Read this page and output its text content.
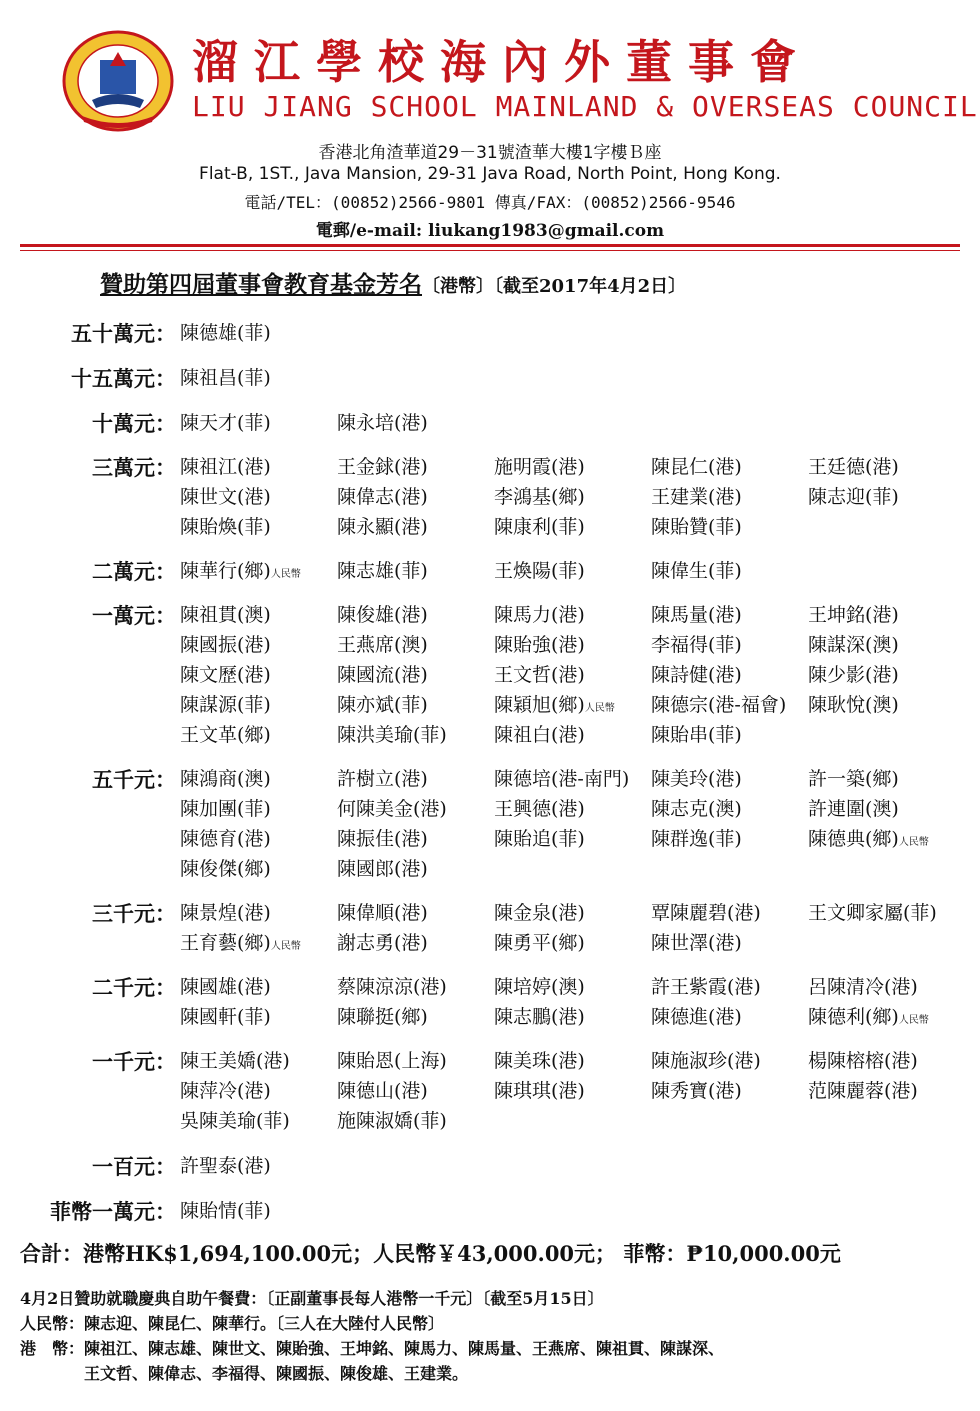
溜江學校海內外董事會
LIU JIANG SCHOOL MAINLAND & OVERSEAS COUNCIL
香港北角渣華道29－31號渣華大樓1字樓Ｂ座
Flat-B, 1ST., Java Mansion, 29-31 Java Road, North Point, Hong Kong.
電話/TEL：(00852)2566-9801 傳真/FAX：(00852)2566-9546
電郵/e-mail: liukang1983@gmail.com
贊助第四屆董事會教育基金芳名〔港幣〕〔截至2017年4月2日〕
五十萬元： 陳德雄(菲)
十五萬元： 陳祖昌(菲)
十萬元： 陳天才(菲)	陳永培(港)
三萬元： 陳祖江(港)	王金銶(港)	施明霞(港)	陳昆仁(港)	王廷德(港)
陳世文(港)	陳偉志(港)	李鴻基(鄉)	王建業(港)	陳志迎(菲)
陳貽煥(菲)	陳永顯(港)	陳康利(菲)	陳貽贊(菲)
二萬元： 陳華行(鄉)人民幣 陳志雄(菲)	王煥陽(菲)	陳偉生(菲)
一萬元： 陳祖貫(澳)	陳俊雄(港)	陳馬力(港)	陳馬量(港)	王坤銘(港)
陳國振(港)	王燕席(澳)	陳貽強(港)	李福得(菲)	陳謀深(澳)
陳文歷(港)	陳國流(港)	王文哲(港)	陳詩健(港)	陳少影(港)
陳謀源(菲)	陳亦斌(菲)	陳穎旭(鄉)人民幣 陳德宗(港-福會) 陳耿悅(澳)
王文革(鄉)	陳洪美瑜(菲) 陳祖白(港)	陳貽串(菲)
五千元： 陳鴻商(澳)	許樹立(港)	陳德培(港-南門) 陳美玲(港)	許一築(鄉)
陳加團(菲)	何陳美金(港) 王興德(港)	陳志克(澳)	許連圍(澳)
陳德育(港)	陳振佳(港)	陳貽追(菲)	陳群逸(菲)	陳德典(鄉)人民幣
陳俊傑(鄉)	陳國郎(港)
三千元： 陳景煌(港)	陳偉順(港)	陳金泉(港)	覃陳麗碧(港) 王文卿家屬(菲)
王育藝(鄉)人民幣 謝志勇(港)	陳勇平(鄉)	陳世澤(港)
二千元： 陳國雄(港)	蔡陳涼涼(港) 陳培婷(澳)	許王紫霞(港) 呂陳清冷(港)
陳國軒(菲)	陳聯挺(鄉)	陳志鵬(港)	陳德進(港)	陳德利(鄉)人民幣
一千元： 陳王美嬌(港) 陳貽恩(上海) 陳美珠(港)	陳施淑珍(港) 楊陳榕榕(港)
陳萍冷(港)	陳德山(港)	陳琪琪(港)	陳秀寶(港)	范陳麗蓉(港)
吳陳美瑜(菲) 施陳淑嬌(菲)
一百元： 許聖泰(港)
菲幣一萬元： 陳貽情(菲)
合計：港幣HK$1,694,100.00元；人民幣￥43,000.00元； 菲幣：₱10,000.00元
4月2日贊助就職慶典自助午餐費：〔正副董事長每人港幣一千元〕〔截至5月15日〕
人民幣：陳志迎、陳昆仁、陳華行。〔三人在大陸付人民幣〕
港　幣：陳祖江、陳志雄、陳世文、陳貽強、王坤銘、陳馬力、陳馬量、王燕席、陳祖貫、陳謀深、
　　　　王文哲、陳偉志、李福得、陳國振、陳俊雄、王建業。
